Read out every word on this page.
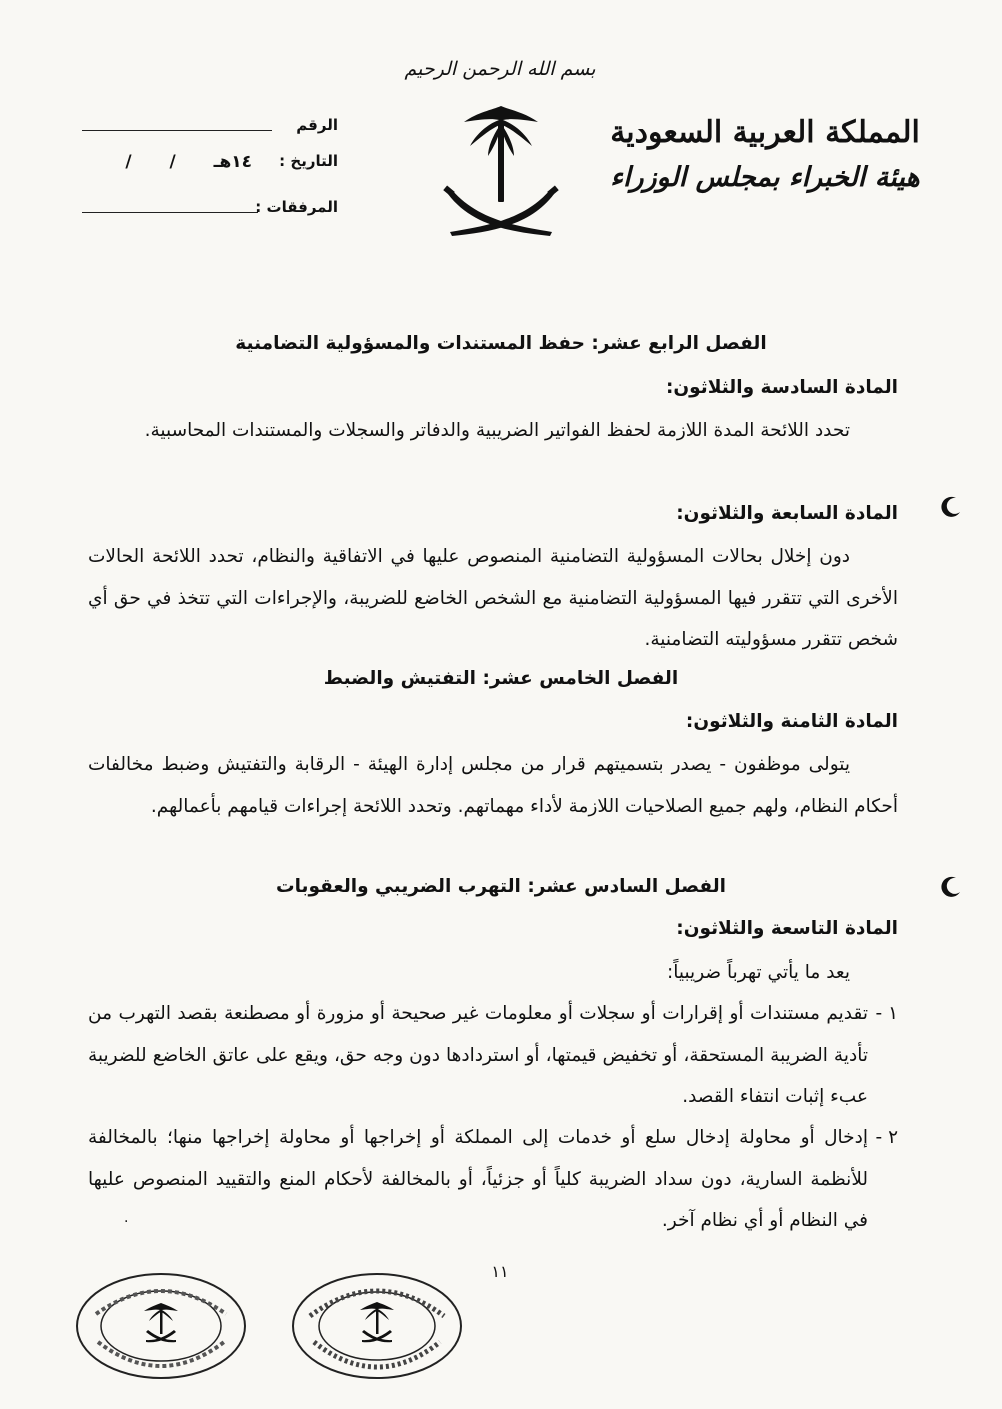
بسم الله الرحمن الرحيم
المملكة العربية السعودية
هيئة الخبراء بمجلس الوزراء
الرقم
التاريخ :
١٤هـ / /
المرفقات :
الفصل الرابع عشر: حفظ المستندات والمسؤولية التضامنية
المادة السادسة والثلاثون:
تحدد اللائحة المدة اللازمة لحفظ الفواتير الضريبية والدفاتر والسجلات والمستندات المحاسبية.
المادة السابعة والثلاثون:
دون إخلال بحالات المسؤولية التضامنية المنصوص عليها في الاتفاقية والنظام، تحدد اللائحة الحالات الأخرى التي تتقرر فيها المسؤولية التضامنية مع الشخص الخاضع للضريبة، والإجراءات التي تتخذ في حق أي شخص تتقرر مسؤوليته التضامنية.
الفصل الخامس عشر: التفتيش والضبط
المادة الثامنة والثلاثون:
يتولى موظفون - يصدر بتسميتهم قرار من مجلس إدارة الهيئة - الرقابة والتفتيش وضبط مخالفات أحكام النظام، ولهم جميع الصلاحيات اللازمة لأداء مهماتهم. وتحدد اللائحة إجراءات قيامهم بأعمالهم.
الفصل السادس عشر: التهرب الضريبي والعقوبات
المادة التاسعة والثلاثون:
يعد ما يأتي تهرباً ضريبياً:
١ -
تقديم مستندات أو إقرارات أو سجلات أو معلومات غير صحيحة أو مزورة أو مصطنعة بقصد التهرب من تأدية الضريبة المستحقة، أو تخفيض قيمتها، أو استردادها دون وجه حق، ويقع على عاتق الخاضع للضريبة عبء إثبات انتفاء القصد.
٢ -
إدخال أو محاولة إدخال سلع أو خدمات إلى المملكة أو إخراجها أو محاولة إخراجها منها؛ بالمخالفة للأنظمة السارية، دون سداد الضريبة كلياً أو جزئياً، أو بالمخالفة لأحكام المنع والتقييد المنصوص عليها في النظام أو أي نظام آخر.
·
١١
